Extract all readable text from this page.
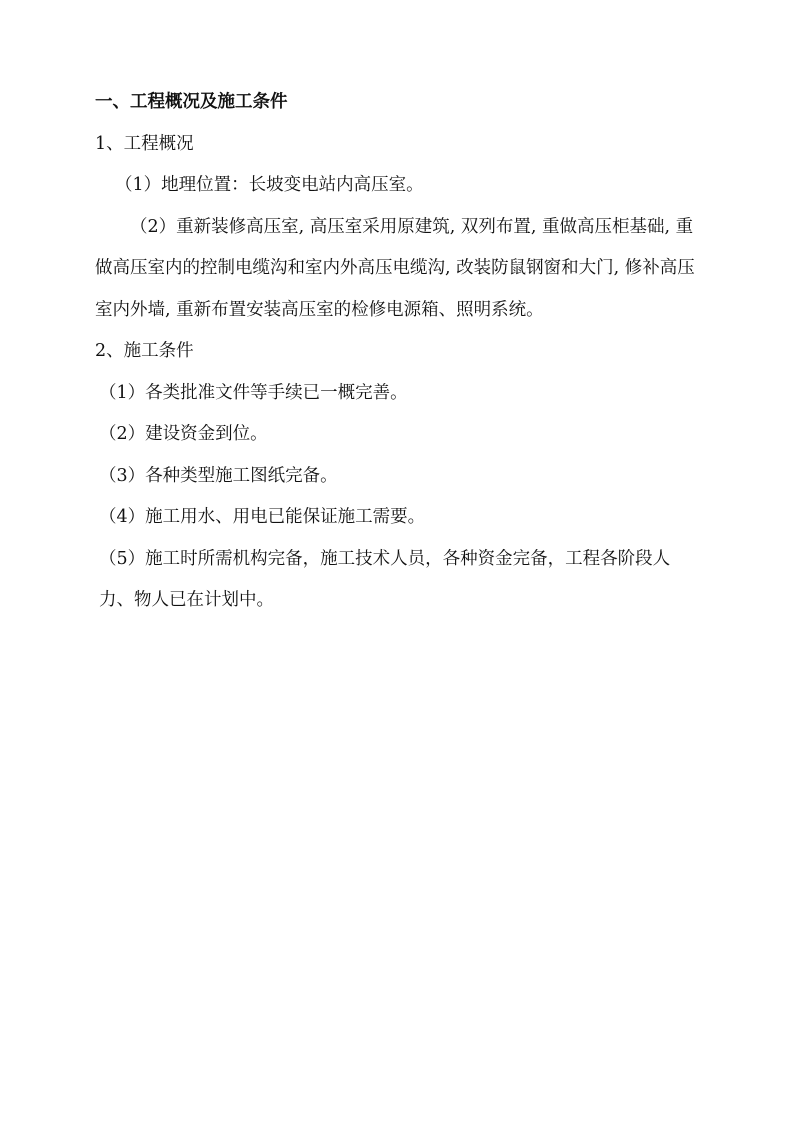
一、工程概况及施工条件

1、工程概况

（1）地理位置：长坡变电站内高压室。

（2）重新装修高压室, 高压室采用原建筑, 双列布置, 重做高压柜基础, 重做高压室内的控制电缆沟和室内外高压电缆沟, 改装防鼠钢窗和大门, 修补高压室内外墙, 重新布置安装高压室的检修电源箱、照明系统。

2、施工条件

（1）各类批准文件等手续已一概完善。

（2）建设资金到位。

（3）各种类型施工图纸完备。

（4）施工用水、用电已能保证施工需要。

（5）施工时所需机构完备，施工技术人员，各种资金完备，工程各阶段人力、物人已在计划中。
